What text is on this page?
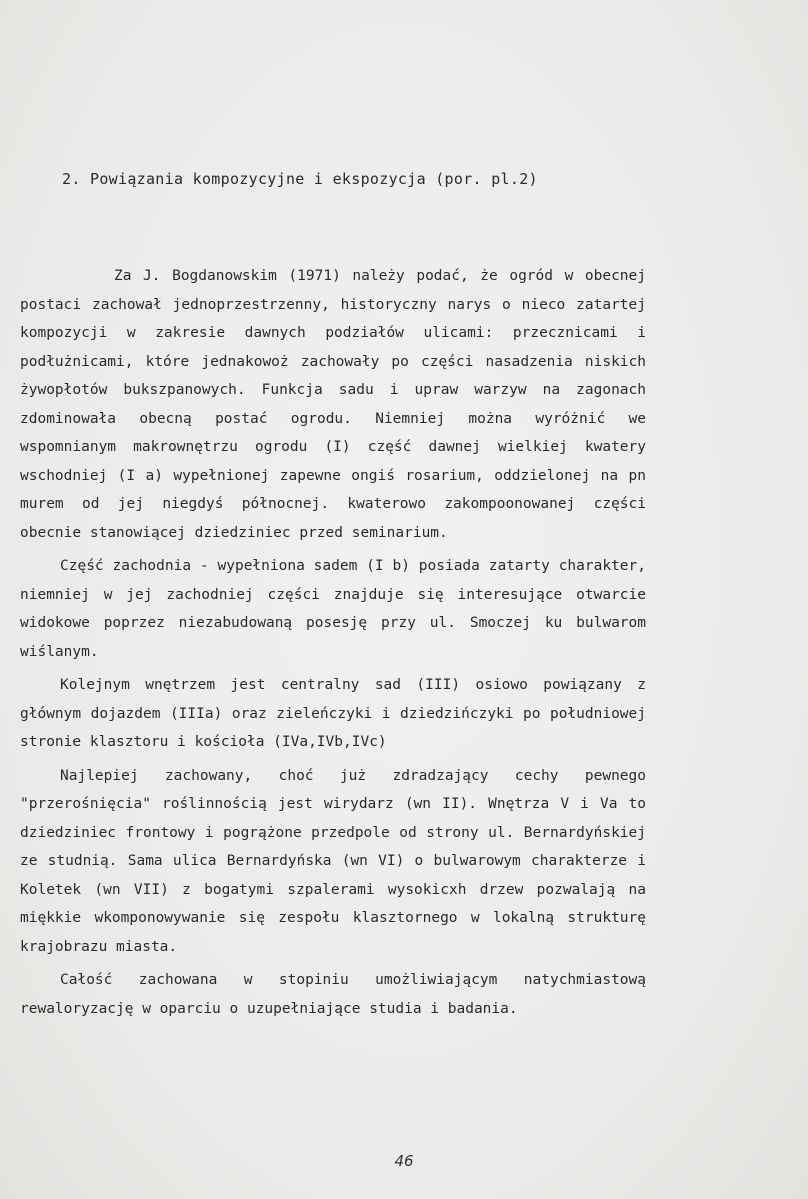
2. Powiązania kompozycyjne i ekspozycja (por. pl.2)

Za J. Bogdanowskim (1971) należy podać, że ogród w obecnej postaci zachował jednoprzestrzenny, historyczny narys o nieco zatartej kompozycji w zakresie dawnych podziałów ulicami: przecznicami i podłużnicami, które jednakowoż zachowały po części nasadzenia niskich żywopłotów bukszpanowych. Funkcja sadu i upraw warzyw na zagonach zdominowała obecną postać ogrodu. Niemniej można wyróżnić we wspomnianym makrownętrzu ogrodu (I) część dawnej wielkiej kwatery wschodniej (I a) wypełnionej zapewne ongiś rosarium, oddzielonej na pn murem od jej niegdyś północnej. kwaterowo zakompoonowanej części obecnie stanowiącej dziedziniec przed seminarium.

Część zachodnia - wypełniona sadem (I b) posiada zatarty charakter, niemniej w jej zachodniej części znajduje się interesujące otwarcie widokowe poprzez niezabudowaną posesję przy ul. Smoczej ku bulwarom wiślanym.

Kolejnym wnętrzem jest centralny sad (III) osiowo powiązany z głównym dojazdem (IIIa) oraz zieleńczyki i dziedzińczyki po południowej stronie klasztoru i kościoła (IVa,IVb,IVc)

Najlepiej zachowany, choć już zdradzający cechy pewnego "przerośnięcia" roślinnością jest wirydarz (wn II). Wnętrza V i Va to dziedziniec frontowy i pogrążone przedpole od strony ul. Bernardyńskiej ze studnią. Sama ulica Bernardyńska (wn VI) o bulwarowym charakterze i Koletek (wn VII) z bogatymi szpalerami wysokicxh drzew pozwalają na miękkie wkomponowywanie się zespołu klasztornego w lokalną strukturę krajobrazu miasta.

Całość zachowana w stopiniu umożliwiającym natychmiastową rewaloryzację w oparciu o uzupełniające studia i badania.

46
